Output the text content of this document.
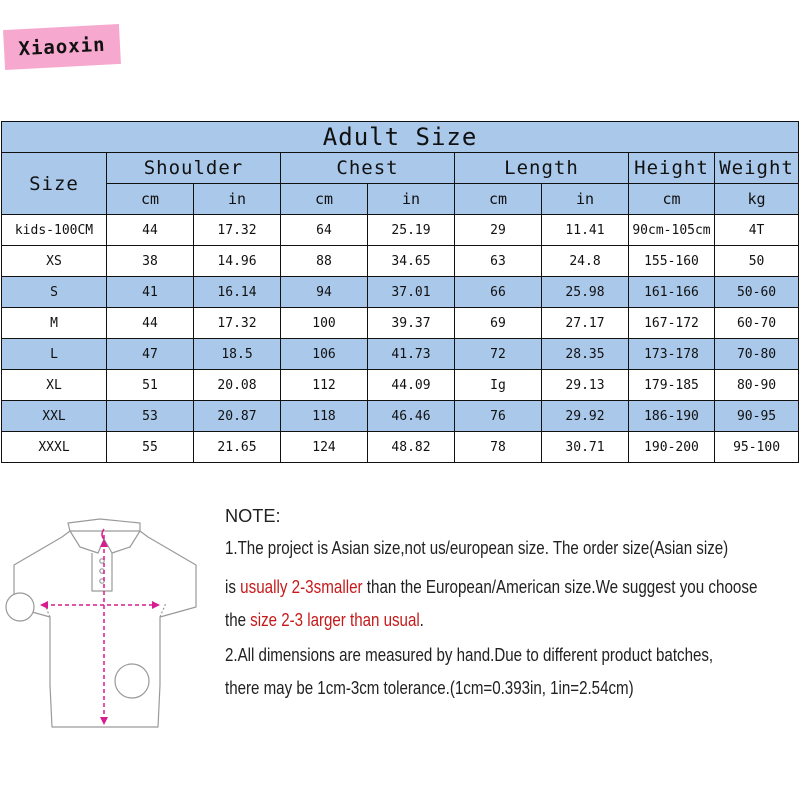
Xiaoxin
Adult Size								
Size	Shoulder		Chest		Length		Height	Weight
	cm	in	cm	in	cm	in	cm	kg
kids-100CM	44	17.32	64	25.19	29	11.41	90cm-105cm	4T
XS	38	14.96	88	34.65	63	24.8	155-160	50
S	41	16.14	94	37.01	66	25.98	161-166	50-60
M	44	17.32	100	39.37	69	27.17	167-172	60-70
L	47	18.5	106	41.73	72	28.35	173-178	70-80
XL	51	20.08	112	44.09	Ig	29.13	179-185	80-90
XXL	53	20.87	118	46.46	76	29.92	186-190	90-95
XXXL	55	21.65	124	48.82	78	30.71	190-200	95-100
NOTE:
1.The project is Asian size,not us/european size. The order size(Asian size)
is usually 2-3smaller than the European/American size.We suggest you choose
the size 2-3 larger than usual.
2.All dimensions are measured by hand.Due to different product batches,
there may be 1cm-3cm tolerance.(1cm=0.393in, 1in=2.54cm)
